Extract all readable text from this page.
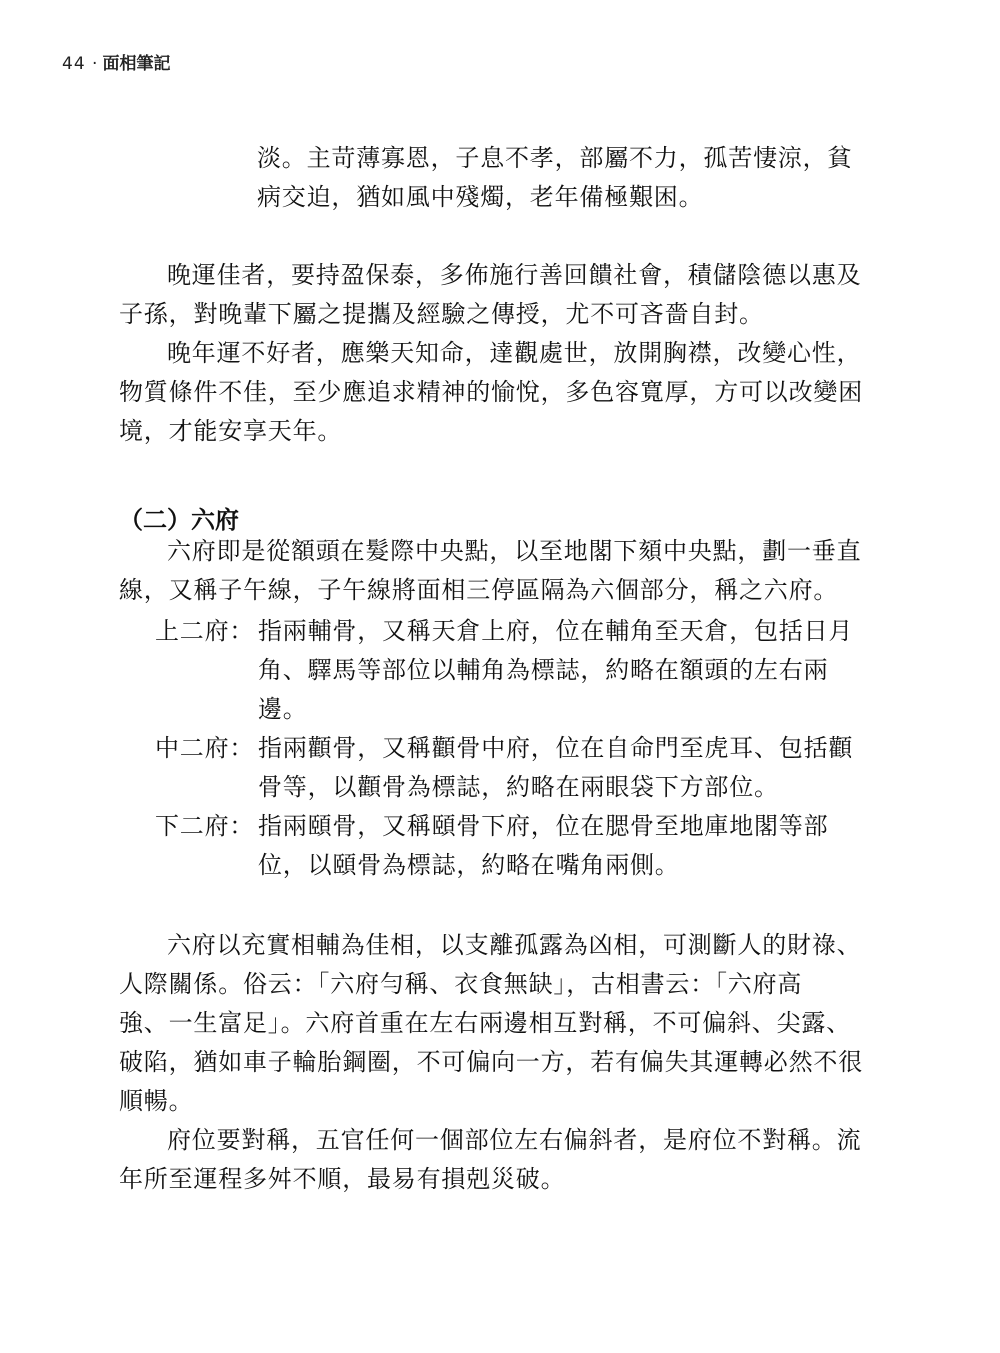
44 · 面相筆記
淡。主苛薄寡恩，子息不孝，部屬不力，孤苦悽涼，貧
病交迫，猶如風中殘燭，老年備極艱困。
晚運佳者，要持盈保泰，多佈施行善回饋社會，積儲陰德以惠及
子孫，對晚輩下屬之提攜及經驗之傳授，尤不可吝嗇自封。
晚年運不好者，應樂天知命，達觀處世，放開胸襟，改變心性，
物質條件不佳，至少應追求精神的愉悅，多色容寬厚，方可以改變困
境，才能安享天年。
（二）六府
六府即是從額頭在髮際中央點，以至地閣下頦中央點，劃一垂直
線，又稱子午線，子午線將面相三停區隔為六個部分，稱之六府。
上二府： 指兩輔骨，又稱天倉上府，位在輔角至天倉，包括日月
角、驛馬等部位以輔角為標誌，約略在額頭的左右兩
邊。
中二府： 指兩顴骨，又稱顴骨中府，位在自命門至虎耳、包括顴
骨等，以顴骨為標誌，約略在兩眼袋下方部位。
下二府： 指兩頤骨，又稱頤骨下府，位在腮骨至地庫地閣等部
位，以頤骨為標誌，約略在嘴角兩側。
六府以充實相輔為佳相，以支離孤露為凶相，可測斷人的財祿、
人際關係。俗云：「六府勻稱、衣食無缺」，古相書云：「六府高
強、一生富足」。六府首重在左右兩邊相互對稱，不可偏斜、尖露、
破陷，猶如車子輪胎鋼圈，不可偏向一方，若有偏失其運轉必然不很
順暢。
府位要對稱，五官任何一個部位左右偏斜者，是府位不對稱。流
年所至運程多舛不順，最易有損剋災破。
